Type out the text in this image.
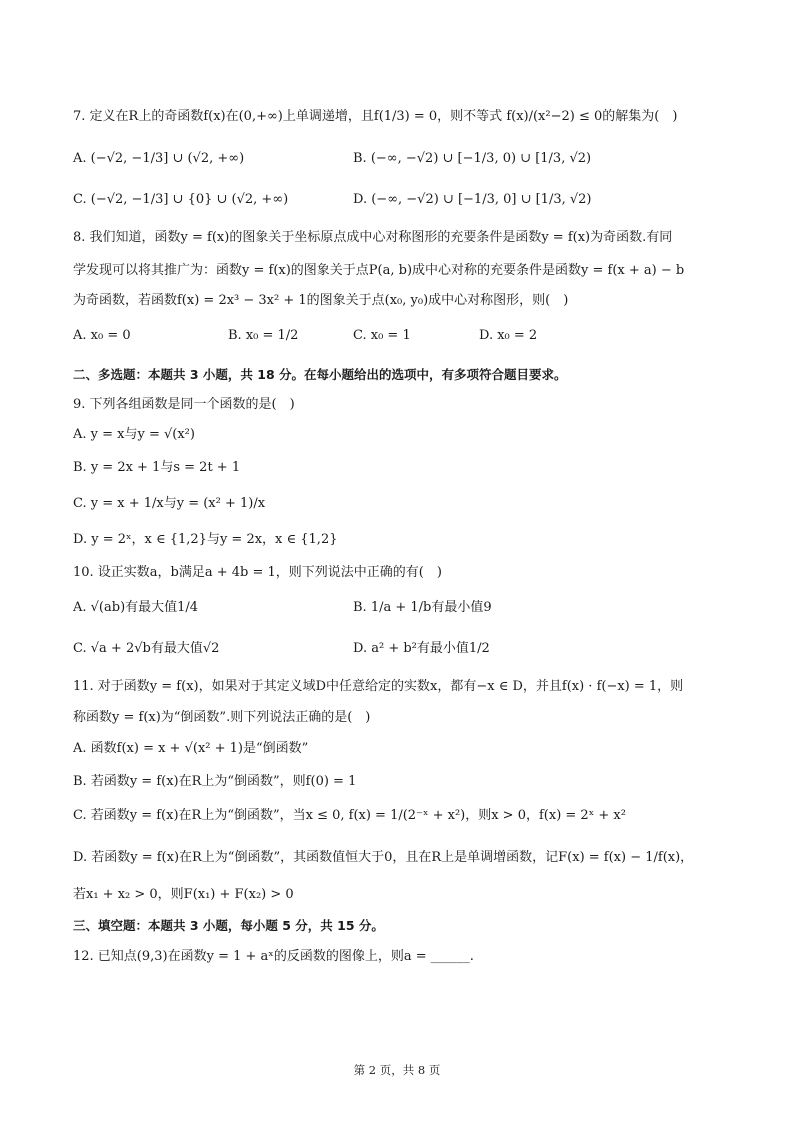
7. 定义在R上的奇函数f(x)在(0,+∞)上单调递增，且f(1/3) = 0，则不等式 f(x)/(x²−2) ≤ 0的解集为(　)
A. (−√2, −1/3] ∪ (√2, +∞)	B. (−∞, −√2) ∪ [−1/3, 0) ∪ [1/3, √2)
C. (−√2, −1/3] ∪ {0} ∪ (√2, +∞)	D. (−∞, −√2) ∪ [−1/3, 0] ∪ [1/3, √2)
8. 我们知道，函数y = f(x)的图象关于坐标原点成中心对称图形的充要条件是函数y = f(x)为奇函数.有同
学发现可以将其推广为：函数y = f(x)的图象关于点P(a, b)成中心对称的充要条件是函数y = f(x + a) − b
为奇函数，若函数f(x) = 2x³ − 3x² + 1的图象关于点(x₀, y₀)成中心对称图形，则(　)
A. x₀ = 0	B. x₀ = 1/2	C. x₀ = 1	D. x₀ = 2
二、多选题：本题共 3 小题，共 18 分。在每小题给出的选项中，有多项符合题目要求。
9. 下列各组函数是同一个函数的是(　)
A. y = x与y = √(x²)
B. y = 2x + 1与s = 2t + 1
C. y = x + 1/x与y = (x² + 1)/x
D. y = 2ˣ，x ∈ {1,2}与y = 2x，x ∈ {1,2}
10. 设正实数a，b满足a + 4b = 1，则下列说法中正确的有(　)
A. √(ab)有最大值1/4	B. 1/a + 1/b有最小值9
C. √a + 2√b有最大值√2	D. a² + b²有最小值1/2
11. 对于函数y = f(x)，如果对于其定义域D中任意给定的实数x，都有−x ∈ D，并且f(x) · f(−x) = 1，则
称函数y = f(x)为“倒函数”.则下列说法正确的是(　)
A. 函数f(x) = x + √(x² + 1)是“倒函数”
B. 若函数y = f(x)在R上为“倒函数”，则f(0) = 1
C. 若函数y = f(x)在R上为“倒函数”，当x ≤ 0, f(x) = 1/(2⁻ˣ + x²)，则x > 0，f(x) = 2ˣ + x²
D. 若函数y = f(x)在R上为“倒函数”，其函数值恒大于0，且在R上是单调增函数，记F(x) = f(x) − 1/f(x)，
若x₁ + x₂ > 0，则F(x₁) + F(x₂) > 0
三、填空题：本题共 3 小题，每小题 5 分，共 15 分。
12. 已知点(9,3)在函数y = 1 + aˣ的反函数的图像上，则a = ______.
第 2 页，共 8 页
